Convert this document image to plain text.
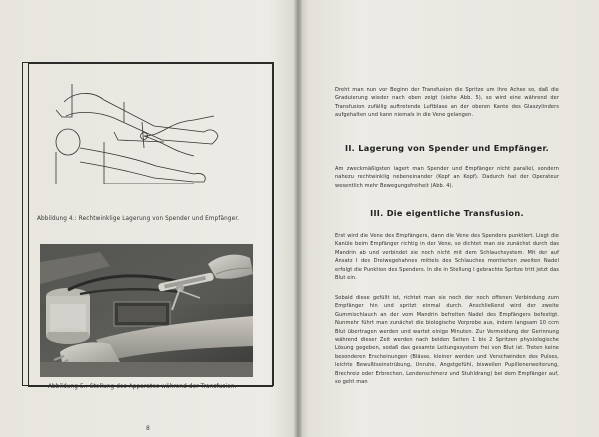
Abbildung 4.: Rechtwinklige Lagerung von Spender und Empfänger.
Abbildung 5.: Stellung des Apparates während der Transfusion.
8

Dreht man nun vor Beginn der Transfusion die Spritze um ihre Achse so, daß die Graduierung wieder nach oben zeigt (siehe Abb. 5), so wird eine während der Transfusion zufällig auftretende Luftblase an der oberen Kante des Glaszylinders aufgehalten und kann niemals in die Vene gelangen.

II. Lagerung von Spender und Empfänger.

Am zweckmäßigsten lagert man Spender und Empfänger nicht parallel, sondern nahezu rechtwinklig nebeneinander (Kopf an Kopf). Dadurch hat der Operateur wesentlich mehr Bewegungsfreiheit (Abb. 4).

III. Die eigentliche Transfusion.

Erst wird die Vene des Empfängers, dann die Vene des Spenders punktiert. Liegt die Kanüle beim Empfänger richtig in der Vene, so dichtet man sie zunächst durch das Mandrin ab und verbindet sie noch nicht mit dem Schlauchsystem. Mit der auf Ansatz I des Dreiwegehahnes mittels des Schlauches montierten zweiten Nadel erfolgt die Punktion des Spenders. In die in Stellung I gebrachte Spritze tritt jetzt das Blut ein.

Sobald diese gefüllt ist, richtet man sie noch der noch offenen Verbindung zum Empfänger hin und spritzt einmal durch. Anschließend wird der zweite Gummischlauch an der vom Mandrin befreiten Nadel des Empfängers befestigt. Nunmehr führt man zunächst die biologische Vorprobe aus, indem langsam 10 ccm Blut übertragen werden und wartet einige Minuten. Zur Vermeidung der Gerinnung während dieser Zeit werden nach beiden Seiten 1 bis 2 Spritzen physiologische Lösung gegeben, sodaß das gesamte Leitungssystem frei von Blut ist. Treten keine besonderen Erscheinungen (Blässe, kleiner werden und Verschwinden des Pulses, leichte Bewußtseinstrübung, Unruhe, Angstgefühl, bisweilen Pupillenerweiterung, Brechreiz oder Erbrechen, Lendenschmerz und Stuhldrang) bei dem Empfänger auf, so geht man
